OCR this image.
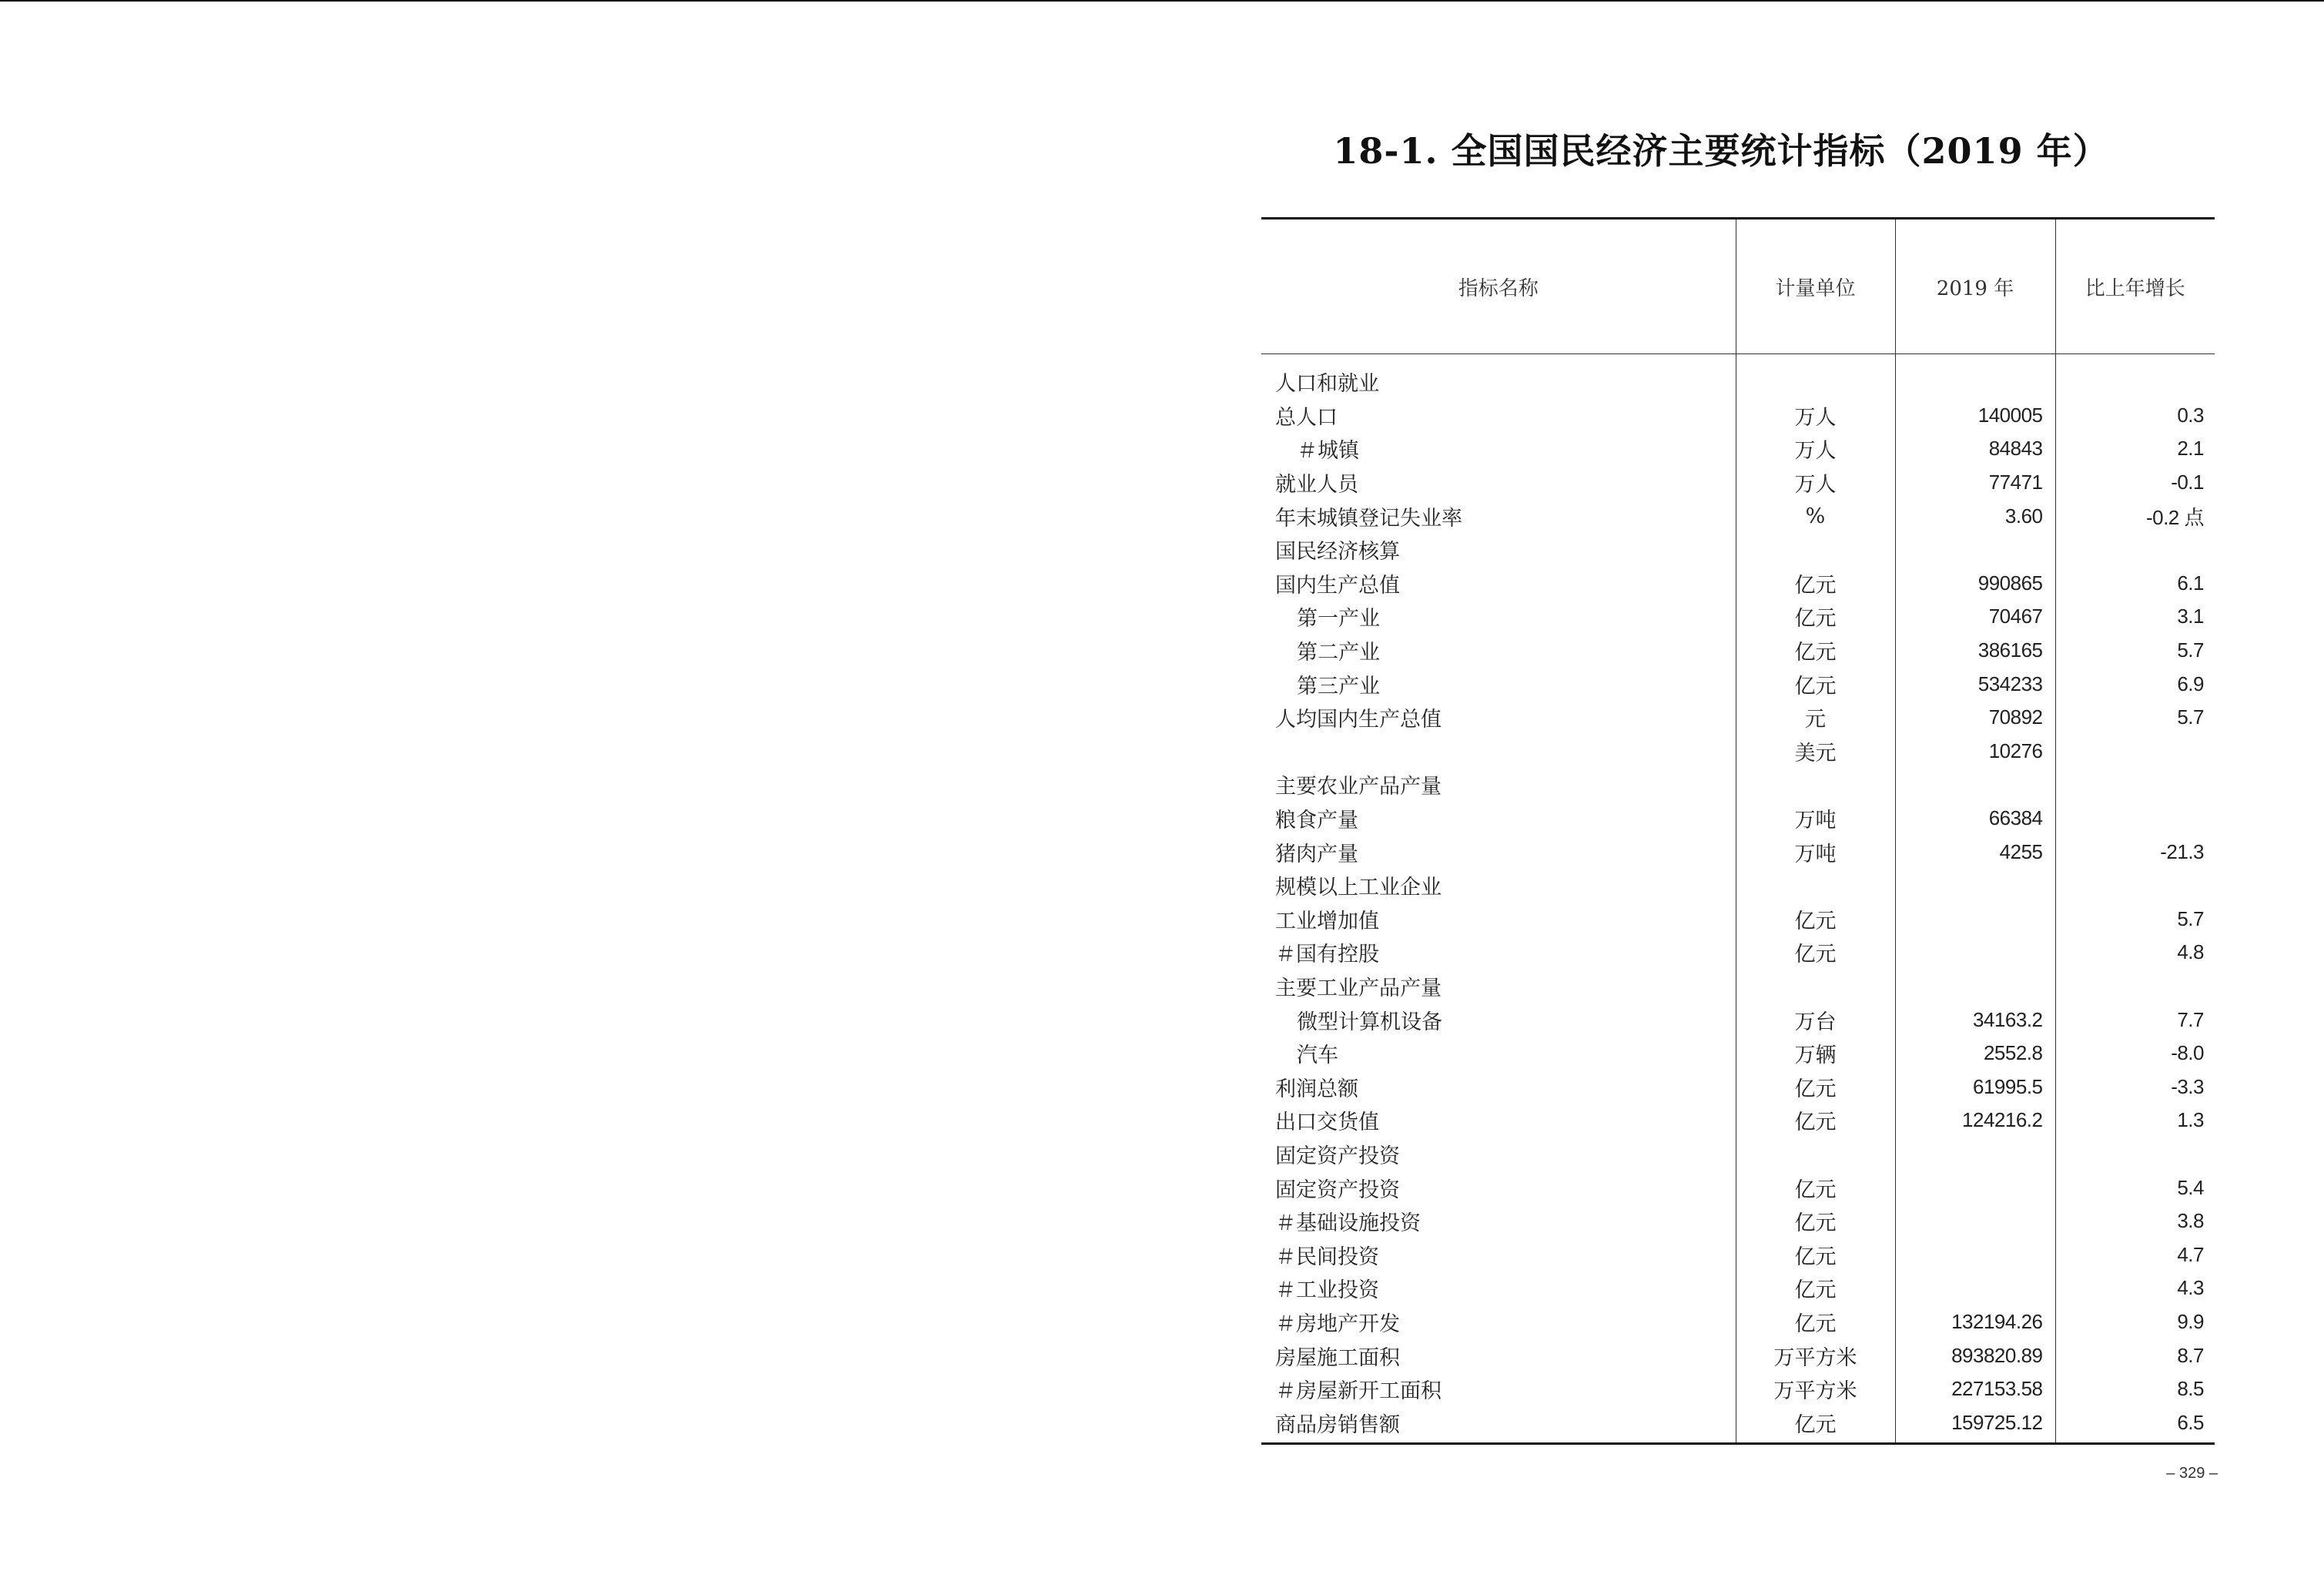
18-1. 全国国民经济主要统计指标（2019 年）
指标名称	计量单位	2019 年	比上年增长
人口和就业			
总人口	万人	140005	0.3
＃城镇	万人	84843	2.1
就业人员	万人	77471	-0.1
年末城镇登记失业率	%	3.60	-0.2 点
国民经济核算			
国内生产总值	亿元	990865	6.1
第一产业	亿元	70467	3.1
第二产业	亿元	386165	5.7
第三产业	亿元	534233	6.9
人均国内生产总值	元	70892	5.7
	美元	10276	
主要农业产品产量			
粮食产量	万吨	66384	
猪肉产量	万吨	4255	-21.3
规模以上工业企业			
工业增加值	亿元		5.7
＃国有控股	亿元		4.8
主要工业产品产量			
微型计算机设备	万台	34163.2	7.7
汽车	万辆	2552.8	-8.0
利润总额	亿元	61995.5	-3.3
出口交货值	亿元	124216.2	1.3
固定资产投资			
固定资产投资	亿元		5.4
＃基础设施投资	亿元		3.8
＃民间投资	亿元		4.7
＃工业投资	亿元		4.3
＃房地产开发	亿元	132194.26	9.9
房屋施工面积	万平方米	893820.89	8.7
＃房屋新开工面积	万平方米	227153.58	8.5
商品房销售额	亿元	159725.12	6.5
– 329 –
